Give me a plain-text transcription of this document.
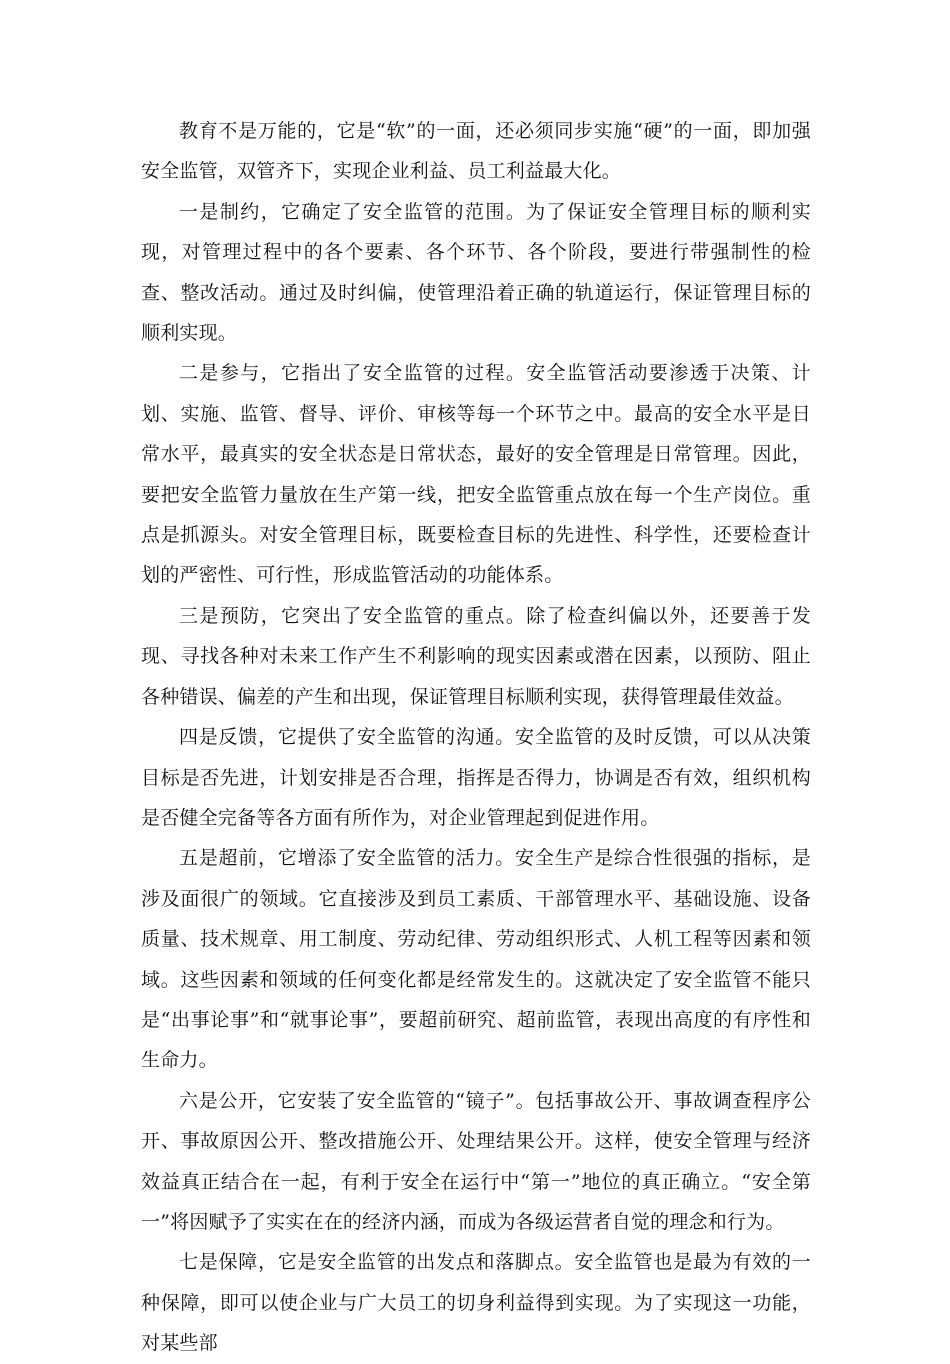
教育不是万能的，它是“软”的一面，还必须同步实施“硬”的一面，即加强安全监管，双管齐下，实现企业利益、员工利益最大化。

一是制约，它确定了安全监管的范围。为了保证安全管理目标的顺利实现，对管理过程中的各个要素、各个环节、各个阶段，要进行带强制性的检查、整改活动。通过及时纠偏，使管理沿着正确的轨道运行，保证管理目标的顺利实现。

二是参与，它指出了安全监管的过程。安全监管活动要渗透于决策、计划、实施、监管、督导、评价、审核等每一个环节之中。最高的安全水平是日常水平，最真实的安全状态是日常状态，最好的安全管理是日常管理。因此，要把安全监管力量放在生产第一线，把安全监管重点放在每一个生产岗位。重点是抓源头。对安全管理目标，既要检查目标的先进性、科学性，还要检查计划的严密性、可行性，形成监管活动的功能体系。

三是预防，它突出了安全监管的重点。除了检查纠偏以外，还要善于发现、寻找各种对未来工作产生不利影响的现实因素或潜在因素，以预防、阻止各种错误、偏差的产生和出现，保证管理目标顺利实现，获得管理最佳效益。

四是反馈，它提供了安全监管的沟通。安全监管的及时反馈，可以从决策目标是否先进，计划安排是否合理，指挥是否得力，协调是否有效，组织机构是否健全完备等各方面有所作为，对企业管理起到促进作用。

五是超前，它增添了安全监管的活力。安全生产是综合性很强的指标，是涉及面很广的领域。它直接涉及到员工素质、干部管理水平、基础设施、设备质量、技术规章、用工制度、劳动纪律、劳动组织形式、人机工程等因素和领域。这些因素和领域的任何变化都是经常发生的。这就决定了安全监管不能只是“出事论事”和“就事论事”，要超前研究、超前监管，表现出高度的有序性和生命力。

六是公开，它安装了安全监管的“镜子”。包括事故公开、事故调查程序公开、事故原因公开、整改措施公开、处理结果公开。这样，使安全管理与经济效益真正结合在一起，有利于安全在运行中“第一”地位的真正确立。“安全第一”将因赋予了实实在在的经济内涵，而成为各级运营者自觉的理念和行为。

七是保障，它是安全监管的出发点和落脚点。安全监管也是最为有效的一种保障，即可以使企业与广大员工的切身利益得到实现。为了实现这一功能，对某些部
